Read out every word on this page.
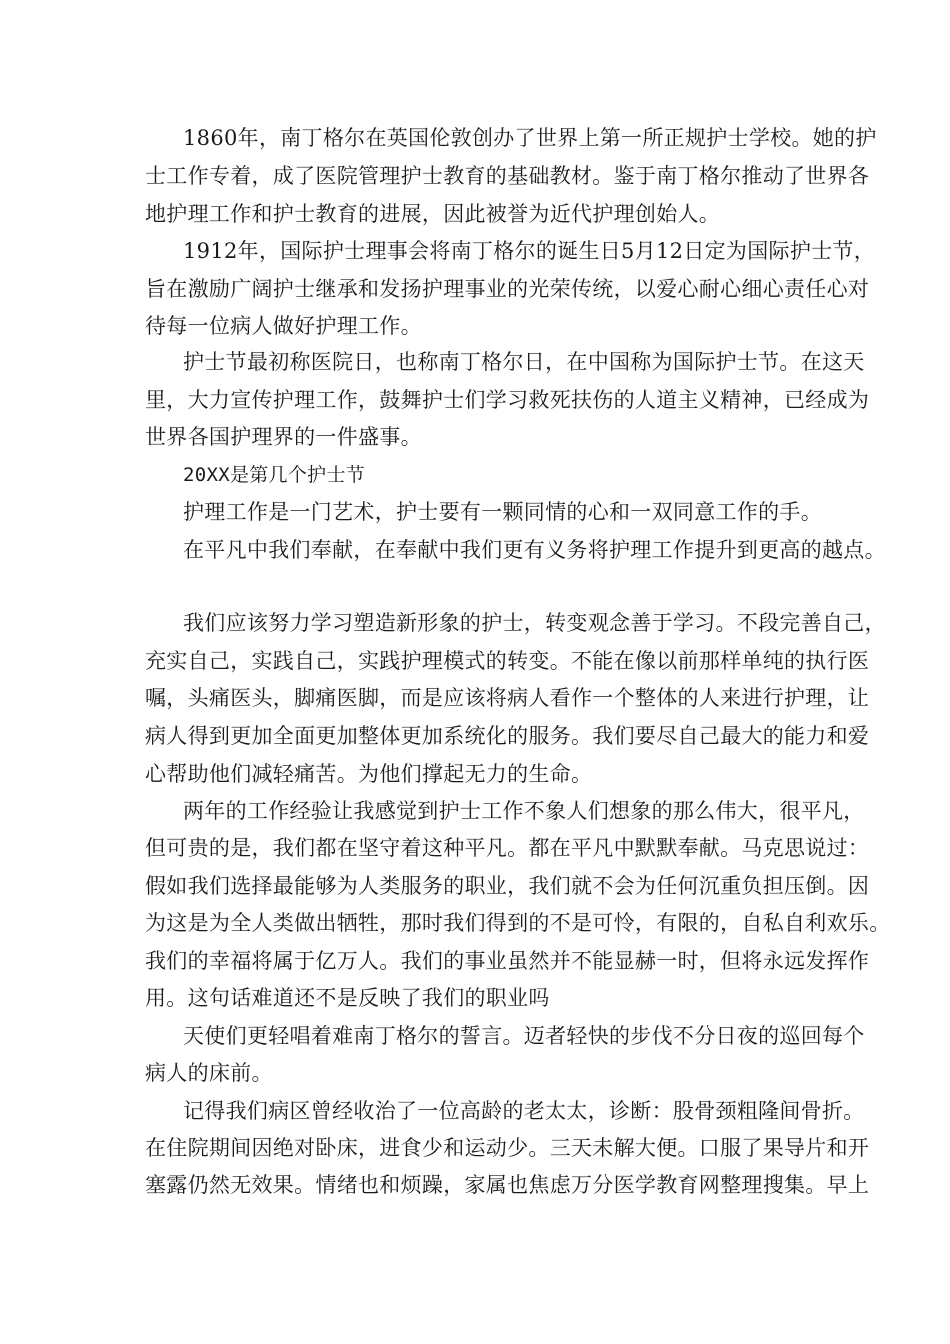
1860年，南丁格尔在英国伦敦创办了世界上第一所正规护士学校。她的护
士工作专着，成了医院管理护士教育的基础教材。鉴于南丁格尔推动了世界各
地护理工作和护士教育的进展，因此被誉为近代护理创始人。
1912年，国际护士理事会将南丁格尔的诞生日5月12日定为国际护士节，
旨在激励广阔护士继承和发扬护理事业的光荣传统，以爱心耐心细心责任心对
待每一位病人做好护理工作。
护士节最初称医院日，也称南丁格尔日，在中国称为国际护士节。在这天
里，大力宣传护理工作，鼓舞护士们学习救死扶伤的人道主义精神，已经成为
世界各国护理界的一件盛事。
20XX是第几个护士节
护理工作是一门艺术，护士要有一颗同情的心和一双同意工作的手。
在平凡中我们奉献，在奉献中我们更有义务将护理工作提升到更高的越点。
我们应该努力学习塑造新形象的护士，转变观念善于学习。不段完善自己，
充实自己，实践自己，实践护理模式的转变。不能在像以前那样单纯的执行医
嘱，头痛医头，脚痛医脚，而是应该将病人看作一个整体的人来进行护理，让
病人得到更加全面更加整体更加系统化的服务。我们要尽自己最大的能力和爱
心帮助他们减轻痛苦。为他们撑起无力的生命。
两年的工作经验让我感觉到护士工作不象人们想象的那么伟大，很平凡，
但可贵的是，我们都在坚守着这种平凡。都在平凡中默默奉献。马克思说过：
假如我们选择最能够为人类服务的职业，我们就不会为任何沉重负担压倒。因
为这是为全人类做出牺牲，那时我们得到的不是可怜，有限的，自私自利欢乐。
我们的幸福将属于亿万人。我们的事业虽然并不能显赫一时，但将永远发挥作
用。这句话难道还不是反映了我们的职业吗
天使们更轻唱着难南丁格尔的誓言。迈者轻快的步伐不分日夜的巡回每个
病人的床前。
记得我们病区曾经收治了一位高龄的老太太，诊断：股骨颈粗隆间骨折。
在住院期间因绝对卧床，进食少和运动少。三天未解大便。口服了果导片和开
塞露仍然无效果。情绪也和烦躁，家属也焦虑万分医学教育网整理搜集。早上
